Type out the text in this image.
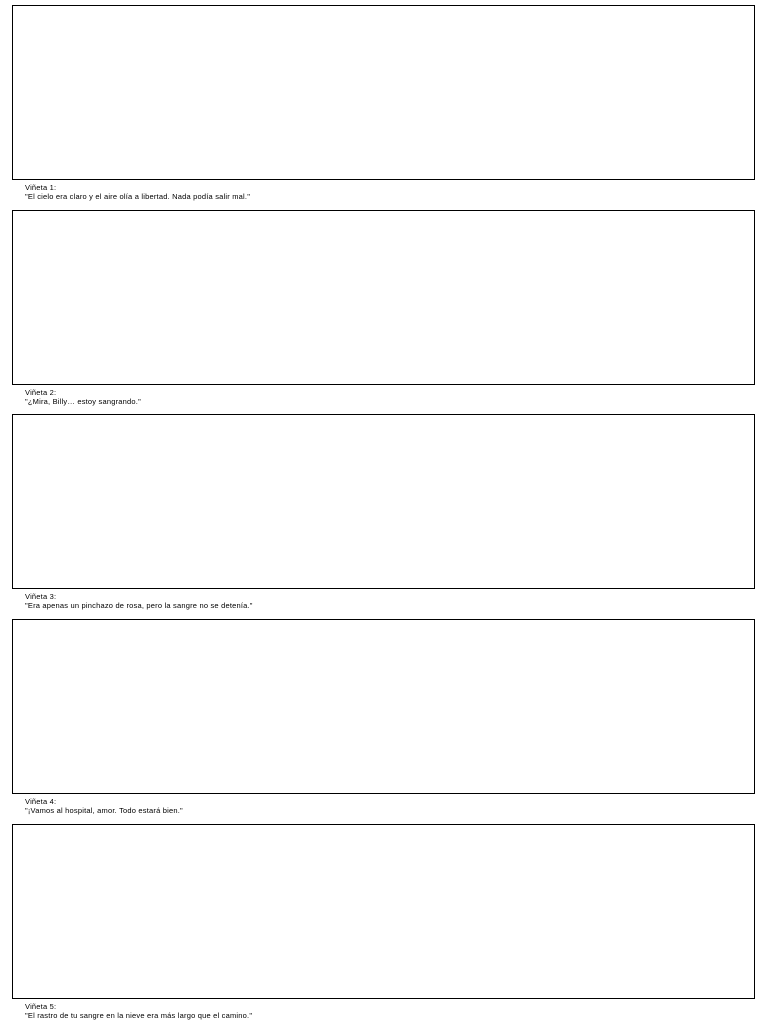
Viñeta 1:
"El cielo era claro y el aire olía a libertad. Nada podía salir mal."
Viñeta 2:
"¿Mira, Billy… estoy sangrando."
Viñeta 3:
"Era apenas un pinchazo de rosa, pero la sangre no se detenía."
Viñeta 4:
"¡Vamos al hospital, amor. Todo estará bien."
Viñeta 5:
"El rastro de tu sangre en la nieve era más largo que el camino."
